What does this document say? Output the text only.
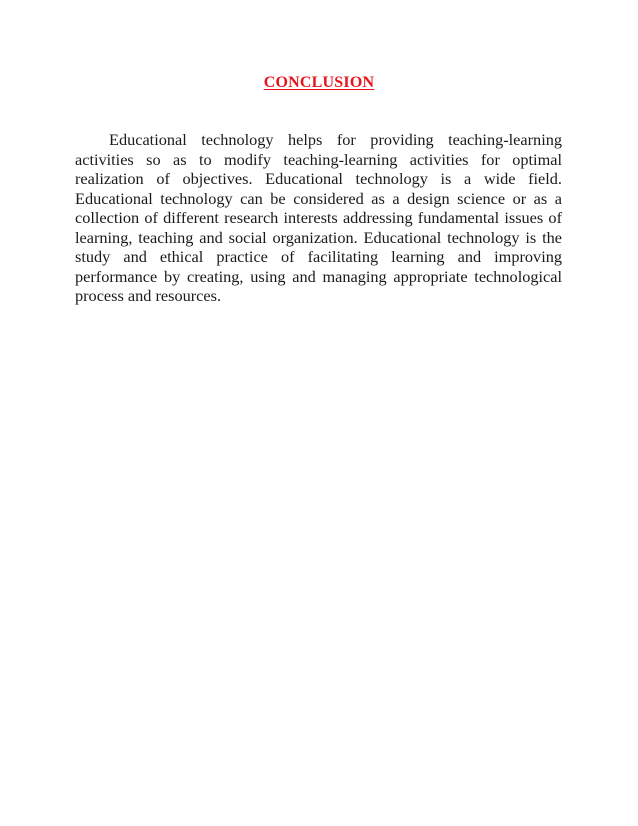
CONCLUSION

Educational technology helps for providing teaching-learning activities so as to modify teaching-learning activities for optimal realization of objectives. Educational technology is a wide field. Educational technology can be considered as a design science or as a collection of different research interests addressing fundamental issues of learning, teaching and social organization. Educational technology is the study and ethical practice of facilitating learning and improving performance by creating, using and managing appropriate technological process and resources.
